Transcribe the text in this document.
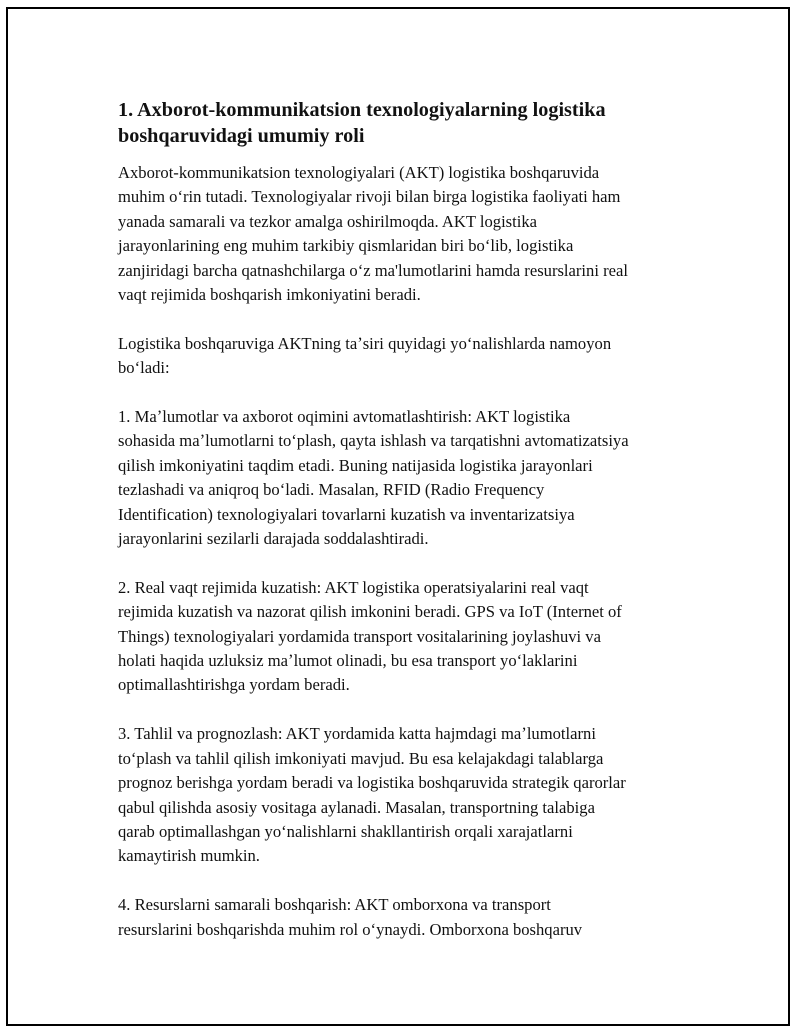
1. Axborot-kommunikatsion texnologiyalarning logistika boshqaruvidagi umumiy roli

Axborot-kommunikatsion texnologiyalari (AKT) logistika boshqaruvida
muhim oʻrin tutadi. Texnologiyalar rivoji bilan birga logistika faoliyati ham
yanada samarali va tezkor amalga oshirilmoqda. AKT logistika
jarayonlarining eng muhim tarkibiy qismlaridan biri boʻlib, logistika
zanjiridagi barcha qatnashchilarga oʻz ma'lumotlarini hamda resurslarini real
vaqt rejimida boshqarish imkoniyatini beradi.

Logistika boshqaruviga AKTning taʼsiri quyidagi yoʻnalishlarda namoyon
boʻladi:

1. Maʼlumotlar va axborot oqimini avtomatlashtirish: AKT logistika
sohasida maʼlumotlarni toʻplash, qayta ishlash va tarqatishni avtomatizatsiya
qilish imkoniyatini taqdim etadi. Buning natijasida logistika jarayonlari
tezlashadi va aniqroq boʻladi. Masalan, RFID (Radio Frequency
Identification) texnologiyalari tovarlarni kuzatish va inventarizatsiya
jarayonlarini sezilarli darajada soddalashtiradi.

2. Real vaqt rejimida kuzatish: AKT logistika operatsiyalarini real vaqt
rejimida kuzatish va nazorat qilish imkonini beradi. GPS va IoT (Internet of
Things) texnologiyalari yordamida transport vositalarining joylashuvi va
holati haqida uzluksiz maʼlumot olinadi, bu esa transport yoʻlaklarini
optimallashtirishga yordam beradi.

3. Tahlil va prognozlash: AKT yordamida katta hajmdagi maʼlumotlarni
toʻplash va tahlil qilish imkoniyati mavjud. Bu esa kelajakdagi talablarga
prognoz berishga yordam beradi va logistika boshqaruvida strategik qarorlar
qabul qilishda asosiy vositaga aylanadi. Masalan, transportning talabiga
qarab optimallashgan yoʻnalishlarni shakllantirish orqali xarajatlarni
kamaytirish mumkin.

4. Resurslarni samarali boshqarish: AKT omborxona va transport
resurslarini boshqarishda muhim rol oʻynaydi. Omborxona boshqaruv
